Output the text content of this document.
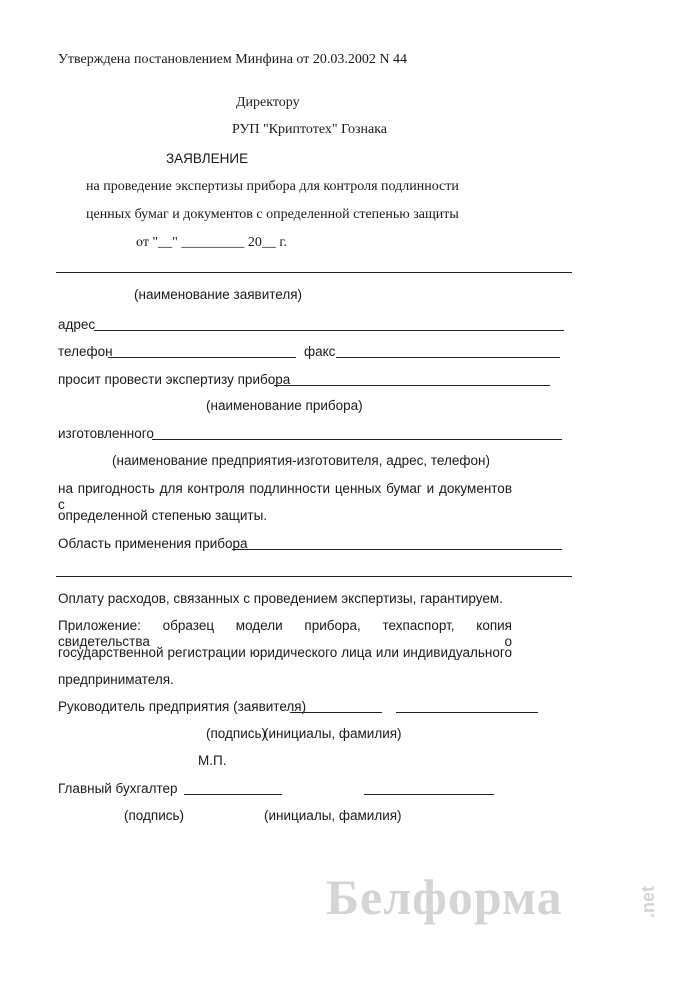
Утверждена постановлением Минфина от 20.03.2002 N 44
Директору
РУП "Криптотех" Гознака
ЗАЯВЛЕНИЕ
на проведение экспертизы прибора для контроля подлинности
ценных бумаг и документов с определенной степенью защиты
от "__" _________ 20__ г.
(наименование заявителя)
адрес
телефон	факс
просит провести экспертизу прибора
(наименование прибора)
изготовленного
(наименование предприятия-изготовителя, адрес, телефон)
на пригодность для контроля подлинности ценных бумаг и документов с
определенной степенью защиты.
Область применения прибора
Оплату расходов, связанных с проведением экспертизы, гарантируем.
Приложение: образец модели прибора, техпаспорт, копия свидетельства о
государственной регистрации юридического лица или индивидуального
предпринимателя.
Руководитель предприятия (заявителя)
(подпись)
(инициалы, фамилия)
М.П.
Главный бухгалтер
(подпись)	(инициалы, фамилия)
Белформа	.net
